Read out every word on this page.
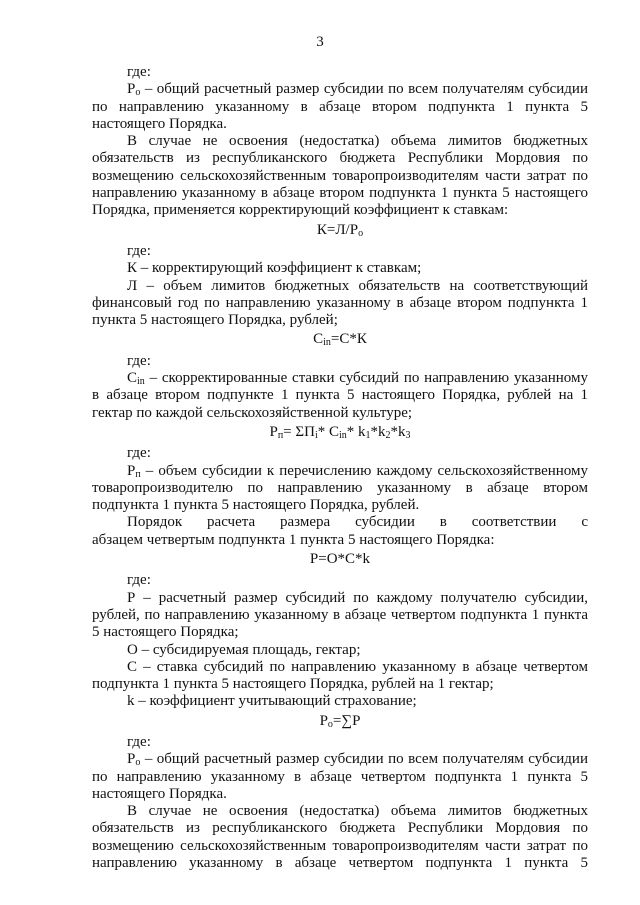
3

где:

$Р_о$ – общий расчетный размер субсидии по всем получателям субсидии по направлению указанному в абзаце втором подпункта 1 пункта 5 настоящего Порядка.

В случае не освоения (недостатка) объема лимитов бюджетных обязательств из республиканского бюджета Республики Мордовия по возмещению сельскохозяйственным товаропроизводителям части затрат по направлению указанному в абзаце втором подпункта 1 пункта 5 настоящего Порядка, применяется корректирующий коэффициент к ставкам:

$К=Л/Р_о$

где:

К – корректирующий коэффициент к ставкам;

Л – объем лимитов бюджетных обязательств на соответствующий финансовый год по направлению указанному в абзаце втором подпункта 1 пункта 5 настоящего Порядка, рублей;

$С_{in}=С*К$

где:

$С_{in}$ – скорректированные ставки субсидий по направлению указанному в абзаце втором подпункте 1 пункта 5 настоящего Порядка, рублей на 1 гектар по каждой сельскохозяйственной культуре;

$Р_п= \Sigma П_i*$ $С_{in}*$ $k_1*k_2*k_3$

где:

$Р_п$ – объем субсидии к перечислению каждому сельскохозяйственному товаропроизводителю по направлению указанному в абзаце втором подпункта 1 пункта 5 настоящего Порядка, рублей.

Порядок расчета размера субсидии в соответствии с

абзацем четвертым подпункта 1 пункта 5 настоящего Порядка:

Р=О*С*k

где:

Р – расчетный размер субсидий по каждому получателю субсидии, рублей, по направлению указанному в абзаце четвертом подпункта 1 пункта 5 настоящего Порядка;

О – субсидируемая площадь, гектар;

С – ставка субсидий по направлению указанному в абзаце четвертом подпункта 1 пункта 5 настоящего Порядка, рублей на 1 гектар;

k – коэффициент учитывающий страхование;

$Р_о=\sum Р$

где:

$Р_о$ – общий расчетный размер субсидии по всем получателям субсидии по направлению указанному в абзаце четвертом подпункта 1 пункта 5 настоящего Порядка.

В случае не освоения (недостатка) объема лимитов бюджетных обязательств из республиканского бюджета Республики Мордовия по возмещению сельскохозяйственным товаропроизводителям части затрат по направлению указанному в абзаце четвертом подпункта 1 пункта 5
